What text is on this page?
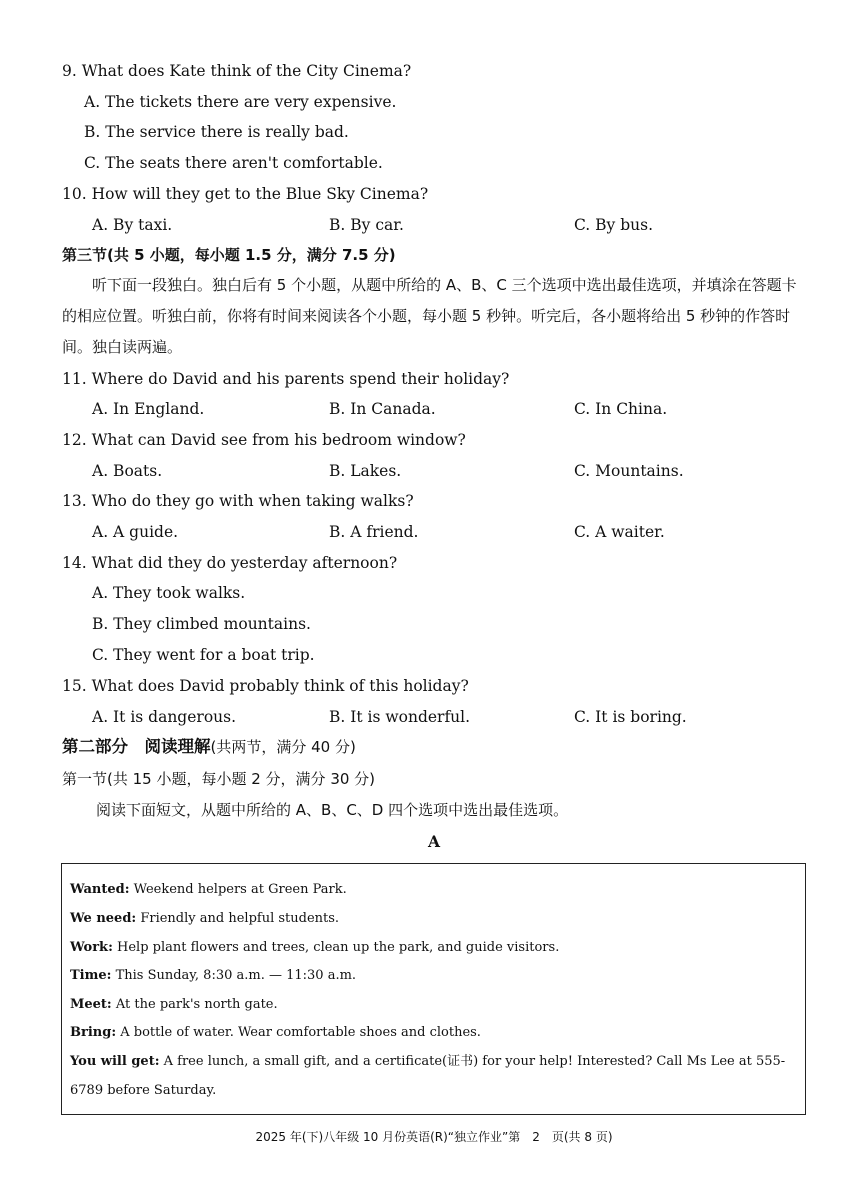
9. What does Kate think of the City Cinema?
A. The tickets there are very expensive.
B. The service there is really bad.
C. The seats there aren't comfortable.
10. How will they get to the Blue Sky Cinema?
A. By taxi.	B. By car.	C. By bus.
第三节(共 5 小题，每小题 1.5 分，满分 7.5 分)
听下面一段独白。独白后有 5 个小题，从题中所给的 A、B、C 三个选项中选出最佳选项，并填涂在答题卡的相应位置。听独白前，你将有时间来阅读各个小题，每小题 5 秒钟。听完后，各小题将给出 5 秒钟的作答时间。独白读两遍。
11. Where do David and his parents spend their holiday?
A. In England.	B. In Canada.	C. In China.
12. What can David see from his bedroom window?
A. Boats.	B. Lakes.	C. Mountains.
13. Who do they go with when taking walks?
A. A guide.	B. A friend.	C. A waiter.
14. What did they do yesterday afternoon?
A. They took walks.
B. They climbed mountains.
C. They went for a boat trip.
15. What does David probably think of this holiday?
A. It is dangerous.	B. It is wonderful.	C. It is boring.
第二部分　阅读理解(共两节，满分 40 分)
第一节(共 15 小题，每小题 2 分，满分 30 分)
阅读下面短文，从题中所给的 A、B、C、D 四个选项中选出最佳选项。
A
Wanted: Weekend helpers at Green Park.
We need: Friendly and helpful students.
Work: Help plant flowers and trees, clean up the park, and guide visitors.
Time: This Sunday, 8:30 a.m. — 11:30 a.m.
Meet: At the park's north gate.
Bring: A bottle of water. Wear comfortable shoes and clothes.
You will get: A free lunch, a small gift, and a certificate(证书) for your help! Interested? Call Ms Lee at 555-6789 before Saturday.
2025 年(下)八年级 10 月份英语(R)“独立作业”第　2　页(共 8 页)
